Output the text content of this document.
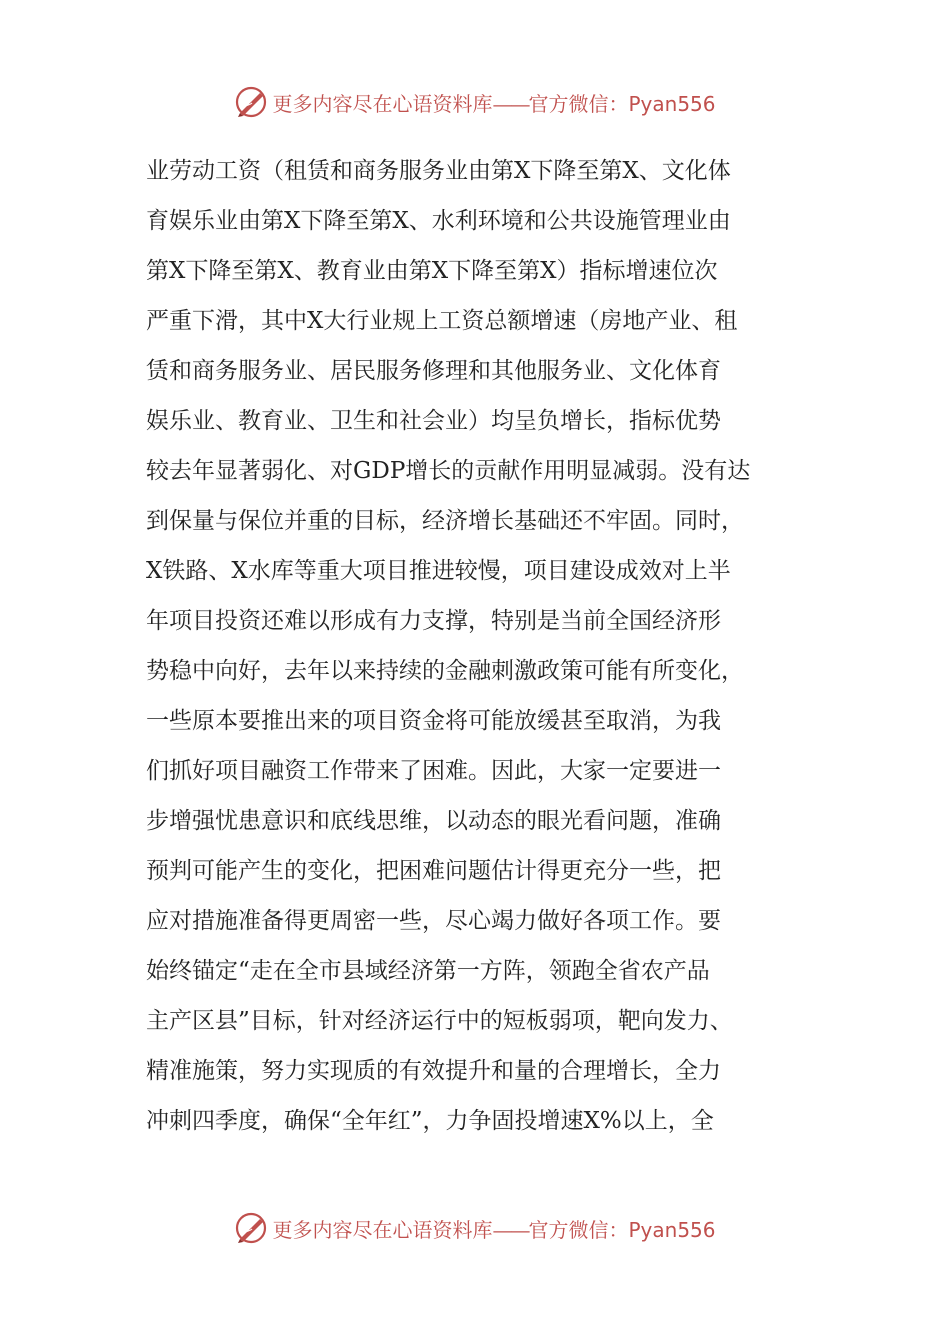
更多内容尽在心语资料库——官方微信：Pyan556
业劳动工资（租赁和商务服务业由第X下降至第X、文化体
育娱乐业由第X下降至第X、水利环境和公共设施管理业由
第X下降至第X、教育业由第X下降至第X）指标增速位次
严重下滑，其中X大行业规上工资总额增速（房地产业、租
赁和商务服务业、居民服务修理和其他服务业、文化体育
娱乐业、教育业、卫生和社会业）均呈负增长，指标优势
较去年显著弱化、对GDP增长的贡献作用明显减弱。没有达
到保量与保位并重的目标，经济增长基础还不牢固。同时，
X铁路、X水库等重大项目推进较慢，项目建设成效对上半
年项目投资还难以形成有力支撑，特别是当前全国经济形
势稳中向好，去年以来持续的金融刺激政策可能有所变化，
一些原本要推出来的项目资金将可能放缓甚至取消，为我
们抓好项目融资工作带来了困难。因此，大家一定要进一
步增强忧患意识和底线思维，以动态的眼光看问题，准确
预判可能产生的变化，把困难问题估计得更充分一些，把
应对措施准备得更周密一些，尽心竭力做好各项工作。要
始终锚定“走在全市县域经济第一方阵，领跑全省农产品
主产区县”目标，针对经济运行中的短板弱项，靶向发力、
精准施策，努力实现质的有效提升和量的合理增长，全力
冲刺四季度，确保“全年红”，力争固投增速X%以上，全
更多内容尽在心语资料库——官方微信：Pyan556
